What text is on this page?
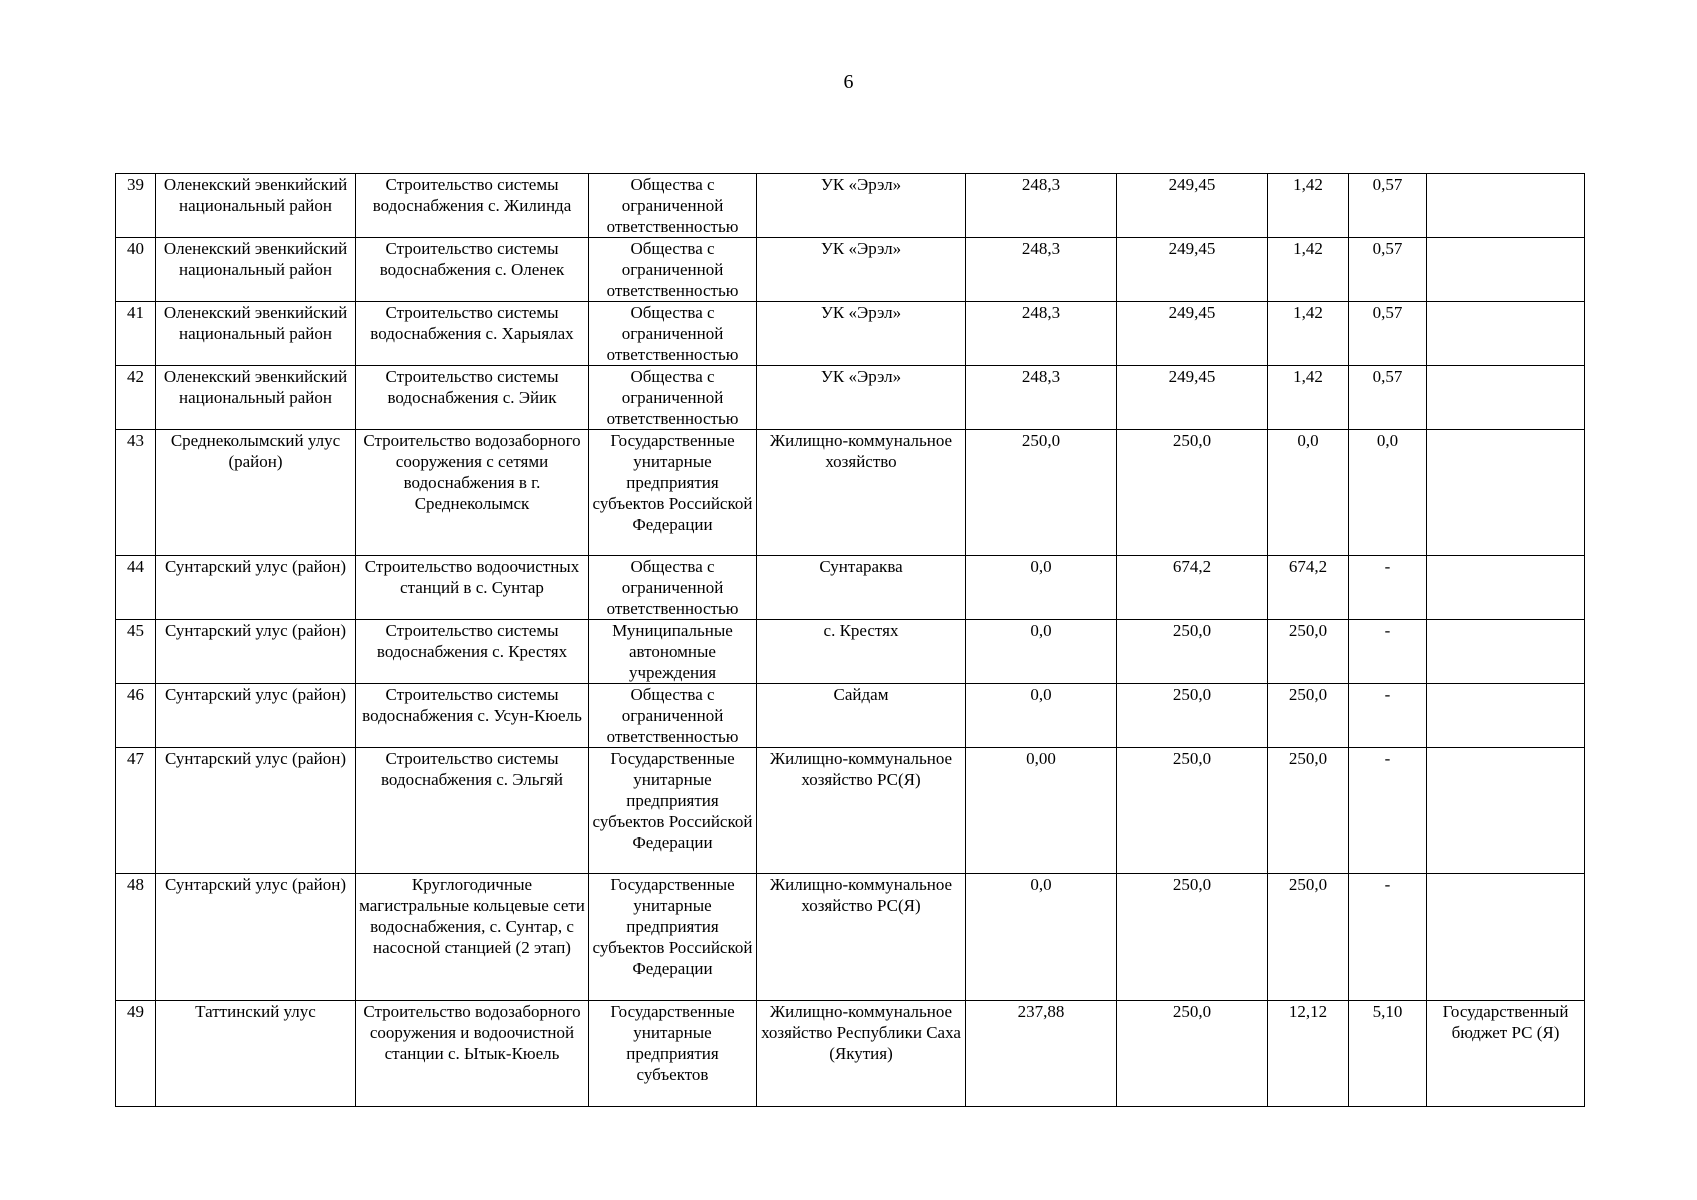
6
39	Оленекский эвенкийский национальный район	Строительство системы водоснабжения с. Жилинда	Общества с ограниченной ответственностью	УК «Эрэл»	248,3	249,45	1,42	0,57	
40	Оленекский эвенкийский национальный район	Строительство системы водоснабжения с. Оленек	Общества с ограниченной ответственностью	УК «Эрэл»	248,3	249,45	1,42	0,57	
41	Оленекский эвенкийский национальный район	Строительство системы водоснабжения с. Харыялах	Общества с ограниченной ответственностью	УК «Эрэл»	248,3	249,45	1,42	0,57	
42	Оленекский эвенкийский национальный район	Строительство системы водоснабжения с. Эйик	Общества с ограниченной ответственностью	УК «Эрэл»	248,3	249,45	1,42	0,57	
43	Среднеколымский улус (район)	Строительство водозаборного сооружения с сетями водоснабжения в г. Среднеколымск	Государственные унитарные предприятия субъектов Российской Федерации	Жилищно-коммунальное хозяйство	250,0	250,0	0,0	0,0	
44	Сунтарский улус (район)	Строительство водоочистных станций в с. Сунтар	Общества с ограниченной ответственностью	Сунтараква	0,0	674,2	674,2	-	
45	Сунтарский улус (район)	Строительство системы водоснабжения с. Крестях	Муниципальные автономные учреждения	с. Крестях	0,0	250,0	250,0	-	
46	Сунтарский улус (район)	Строительство системы водоснабжения с. Усун-Кюель	Общества с ограниченной ответственностью	Сайдам	0,0	250,0	250,0	-	
47	Сунтарский улус (район)	Строительство системы водоснабжения с. Эльгяй	Государственные унитарные предприятия субъектов Российской Федерации	Жилищно-коммунальное хозяйство РС(Я)	0,00	250,0	250,0	-	
48	Сунтарский улус (район)	Круглогодичные магистральные кольцевые сети водоснабжения, с. Сунтар, с насосной станцией (2 этап)	Государственные унитарные предприятия субъектов Российской Федерации	Жилищно-коммунальное хозяйство РС(Я)	0,0	250,0	250,0	-	
49	Таттинский улус	Строительство водозаборного сооружения и водоочистной станции с. Ытык-Кюель	Государственные унитарные предприятия субъектов	Жилищно-коммунальное хозяйство Республики Саха (Якутия)	237,88	250,0	12,12	5,10	Государственный бюджет РС (Я)
